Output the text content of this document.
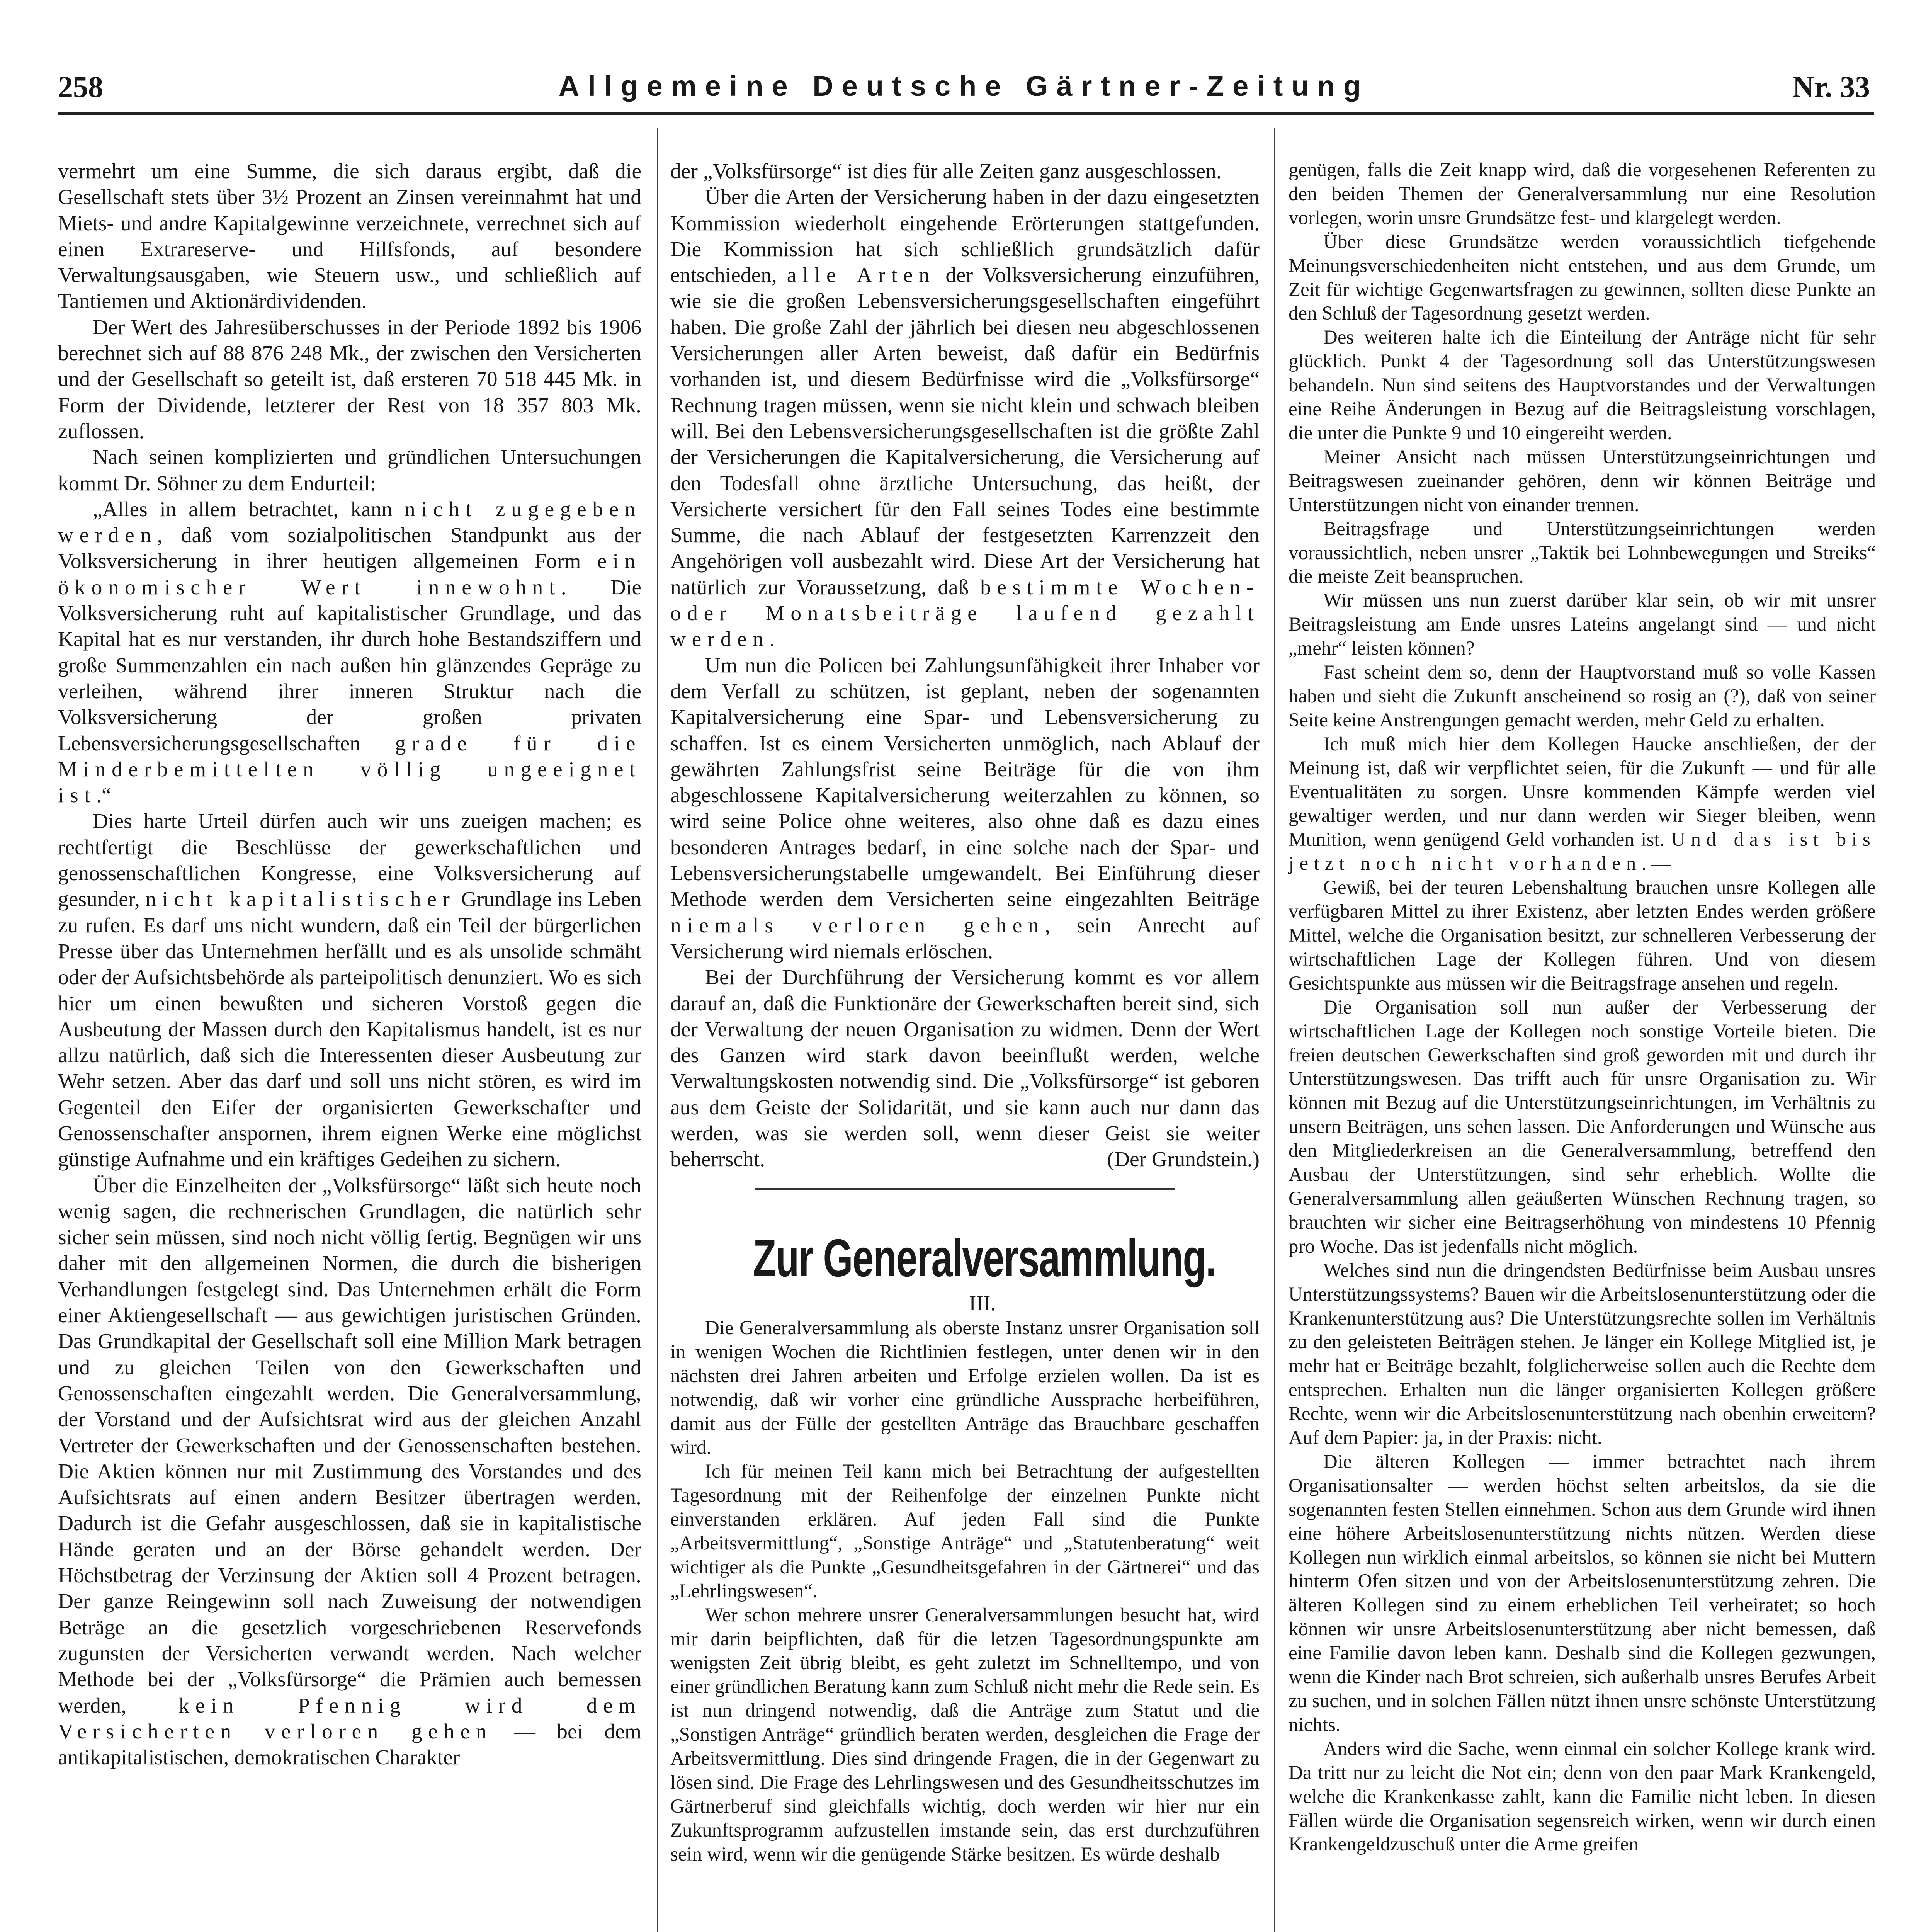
258	Allgemeine Deutsche Gärtner-Zeitung	Nr. 33

vermehrt um eine Summe, die sich daraus ergibt, daß die Gesellschaft stets über 3½ Prozent an Zinsen vereinnahmt hat und Miets- und andre Kapitalgewinne verzeichnete, verrechnet sich auf einen Extrareserve- und Hilfsfonds, auf besondere Verwaltungsausgaben, wie Steuern usw., und schließlich auf Tantiemen und Aktionärdividenden.

Der Wert des Jahresüberschusses in der Periode 1892 bis 1906 berechnet sich auf 88 876 248 Mk., der zwischen den Versicherten und der Gesellschaft so geteilt ist, daß ersteren 70 518 445 Mk. in Form der Dividende, letzterer der Rest von 18 357 803 Mk. zuflossen.

Nach seinen komplizierten und gründlichen Untersuchungen kommt Dr. Söhner zu dem Endurteil:

„Alles in allem betrachtet, kann nicht zugegeben werden, daß vom sozialpolitischen Standpunkt aus der Volksversicherung in ihrer heutigen allgemeinen Form ein ökonomischer Wert innewohnt. Die Volksversicherung ruht auf kapitalistischer Grundlage, und das Kapital hat es nur verstanden, ihr durch hohe Bestandsziffern und große Summenzahlen ein nach außen hin glänzendes Gepräge zu verleihen, während ihrer inneren Struktur nach die Volksversicherung der großen privaten Lebensversicherungsgesellschaften grade für die Minderbemittelten völlig ungeeignet ist.“

Dies harte Urteil dürfen auch wir uns zueigen machen; es rechtfertigt die Beschlüsse der gewerkschaftlichen und genossenschaftlichen Kongresse, eine Volksversicherung auf gesunder, nicht kapitalistischer Grundlage ins Leben zu rufen. Es darf uns nicht wundern, daß ein Teil der bürgerlichen Presse über das Unternehmen herfällt und es als unsolide schmäht oder der Aufsichtsbehörde als parteipolitisch denunziert. Wo es sich hier um einen bewußten und sicheren Vorstoß gegen die Ausbeutung der Massen durch den Kapitalismus handelt, ist es nur allzu natürlich, daß sich die Interessenten dieser Ausbeutung zur Wehr setzen. Aber das darf und soll uns nicht stören, es wird im Gegenteil den Eifer der organisierten Gewerkschafter und Genossenschafter anspornen, ihrem eignen Werke eine möglichst günstige Aufnahme und ein kräftiges Gedeihen zu sichern.

Über die Einzelheiten der „Volksfürsorge“ läßt sich heute noch wenig sagen, die rechnerischen Grundlagen, die natürlich sehr sicher sein müssen, sind noch nicht völlig fertig. Begnügen wir uns daher mit den allgemeinen Normen, die durch die bisherigen Verhandlungen festgelegt sind. Das Unternehmen erhält die Form einer Aktiengesellschaft — aus gewichtigen juristischen Gründen. Das Grundkapital der Gesellschaft soll eine Million Mark betragen und zu gleichen Teilen von den Gewerkschaften und Genossenschaften eingezahlt werden. Die Generalversammlung, der Vorstand und der Aufsichtsrat wird aus der gleichen Anzahl Vertreter der Gewerkschaften und der Genossenschaften bestehen. Die Aktien können nur mit Zustimmung des Vorstandes und des Aufsichtsrats auf einen andern Besitzer übertragen werden. Dadurch ist die Gefahr ausgeschlossen, daß sie in kapitalistische Hände geraten und an der Börse gehandelt werden. Der Höchstbetrag der Verzinsung der Aktien soll 4 Prozent betragen. Der ganze Reingewinn soll nach Zuweisung der notwendigen Beträge an die gesetzlich vorgeschriebenen Reservefonds zugunsten der Versicherten verwandt werden. Nach welcher Methode bei der „Volksfürsorge“ die Prämien auch bemessen werden, kein Pfennig wird dem Versicherten verloren gehen — bei dem antikapitalistischen, demokratischen Charakter

der „Volksfürsorge“ ist dies für alle Zeiten ganz ausgeschlossen.

Über die Arten der Versicherung haben in der dazu eingesetzten Kommission wiederholt eingehende Erörterungen stattgefunden. Die Kommission hat sich schließlich grundsätzlich dafür entschieden, alle Arten der Volksversicherung einzuführen, wie sie die großen Lebensversicherungsgesellschaften eingeführt haben. Die große Zahl der jährlich bei diesen neu abgeschlossenen Versicherungen aller Arten beweist, daß dafür ein Bedürfnis vorhanden ist, und diesem Bedürfnisse wird die „Volksfürsorge“ Rechnung tragen müssen, wenn sie nicht klein und schwach bleiben will. Bei den Lebensversicherungsgesellschaften ist die größte Zahl der Versicherungen die Kapitalversicherung, die Versicherung auf den Todesfall ohne ärztliche Untersuchung, das heißt, der Versicherte versichert für den Fall seines Todes eine bestimmte Summe, die nach Ablauf der festgesetzten Karrenzzeit den Angehörigen voll ausbezahlt wird. Diese Art der Versicherung hat natürlich zur Voraussetzung, daß bestimmte Wochen- oder Monatsbeiträge laufend gezahlt werden.

Um nun die Policen bei Zahlungsunfähigkeit ihrer Inhaber vor dem Verfall zu schützen, ist geplant, neben der sogenannten Kapitalversicherung eine Spar- und Lebensversicherung zu schaffen. Ist es einem Versicherten unmöglich, nach Ablauf der gewährten Zahlungsfrist seine Beiträge für die von ihm abgeschlossene Kapitalversicherung weiterzahlen zu können, so wird seine Police ohne weiteres, also ohne daß es dazu eines besonderen Antrages bedarf, in eine solche nach der Spar- und Lebensversicherungstabelle umgewandelt. Bei Einführung dieser Methode werden dem Versicherten seine eingezahlten Beiträge niemals verloren gehen, sein Anrecht auf Versicherung wird niemals erlöschen.

Bei der Durchführung der Versicherung kommt es vor allem darauf an, daß die Funktionäre der Gewerkschaften bereit sind, sich der Verwaltung der neuen Organisation zu widmen. Denn der Wert des Ganzen wird stark davon beeinflußt werden, welche Verwaltungskosten notwendig sind. Die „Volksfürsorge“ ist geboren aus dem Geiste der Solidarität, und sie kann auch nur dann das werden, was sie werden soll, wenn dieser Geist sie weiter beherrscht.	(Der Grundstein.)

Zur Generalversammlung.

III.

Die Generalversammlung als oberste Instanz unsrer Organisation soll in wenigen Wochen die Richtlinien festlegen, unter denen wir in den nächsten drei Jahren arbeiten und Erfolge erzielen wollen. Da ist es notwendig, daß wir vorher eine gründliche Aussprache herbeiführen, damit aus der Fülle der gestellten Anträge das Brauchbare geschaffen wird.

Ich für meinen Teil kann mich bei Betrachtung der aufgestellten Tagesordnung mit der Reihenfolge der einzelnen Punkte nicht einverstanden erklären. Auf jeden Fall sind die Punkte „Arbeitsvermittlung“, „Sonstige Anträge“ und „Statutenberatung“ weit wichtiger als die Punkte „Gesundheitsgefahren in der Gärtnerei“ und das „Lehrlingswesen“.

Wer schon mehrere unsrer Generalversammlungen besucht hat, wird mir darin beipflichten, daß für die letzen Tagesordnungspunkte am wenigsten Zeit übrig bleibt, es geht zuletzt im Schnelltempo, und von einer gründlichen Beratung kann zum Schluß nicht mehr die Rede sein. Es ist nun dringend notwendig, daß die Anträge zum Statut und die „Sonstigen Anträge“ gründlich beraten werden, desgleichen die Frage der Arbeitsvermittlung. Dies sind dringende Fragen, die in der Gegenwart zu lösen sind. Die Frage des Lehrlingswesen und des Gesundheitsschutzes im Gärtnerberuf sind gleichfalls wichtig, doch werden wir hier nur ein Zukunftsprogramm aufzustellen imstande sein, das erst durchzuführen sein wird, wenn wir die genügende Stärke besitzen. Es würde deshalb

genügen, falls die Zeit knapp wird, daß die vorgesehenen Referenten zu den beiden Themen der Generalversammlung nur eine Resolution vorlegen, worin unsre Grundsätze fest- und klargelegt werden.

Über diese Grundsätze werden voraussichtlich tiefgehende Meinungsverschiedenheiten nicht entstehen, und aus dem Grunde, um Zeit für wichtige Gegenwartsfragen zu gewinnen, sollten diese Punkte an den Schluß der Tagesordnung gesetzt werden.

Des weiteren halte ich die Einteilung der Anträge nicht für sehr glücklich. Punkt 4 der Tagesordnung soll das Unterstützungswesen behandeln. Nun sind seitens des Hauptvorstandes und der Verwaltungen eine Reihe Änderungen in Bezug auf die Beitragsleistung vorschlagen, die unter die Punkte 9 und 10 eingereiht werden.

Meiner Ansicht nach müssen Unterstützungseinrichtungen und Beitragswesen zueinander gehören, denn wir können Beiträge und Unterstützungen nicht von einander trennen.

Beitragsfrage und Unterstützungseinrichtungen werden voraussichtlich, neben unsrer „Taktik bei Lohnbewegungen und Streiks“ die meiste Zeit beanspruchen.

Wir müssen uns nun zuerst darüber klar sein, ob wir mit unsrer Beitragsleistung am Ende unsres Lateins angelangt sind — und nicht „mehr“ leisten können?

Fast scheint dem so, denn der Hauptvorstand muß so volle Kassen haben und sieht die Zukunft anscheinend so rosig an (?), daß von seiner Seite keine Anstrengungen gemacht werden, mehr Geld zu erhalten.

Ich muß mich hier dem Kollegen Haucke anschließen, der der Meinung ist, daß wir verpflichtet seien, für die Zukunft — und für alle Eventualitäten zu sorgen. Unsre kommenden Kämpfe werden viel gewaltiger werden, und nur dann werden wir Sieger bleiben, wenn Munition, wenn genügend Geld vorhanden ist. Und das ist bis jetzt noch nicht vorhanden. —

Gewiß, bei der teuren Lebenshaltung brauchen unsre Kollegen alle verfügbaren Mittel zu ihrer Existenz, aber letzten Endes werden größere Mittel, welche die Organisation besitzt, zur schnelleren Verbesserung der wirtschaftlichen Lage der Kollegen führen. Und von diesem Gesichtspunkte aus müssen wir die Beitragsfrage ansehen und regeln.

Die Organisation soll nun außer der Verbesserung der wirtschaftlichen Lage der Kollegen noch sonstige Vorteile bieten. Die freien deutschen Gewerkschaften sind groß geworden mit und durch ihr Unterstützungswesen. Das trifft auch für unsre Organisation zu. Wir können mit Bezug auf die Unterstützungseinrichtungen, im Verhältnis zu unsern Beiträgen, uns sehen lassen. Die Anforderungen und Wünsche aus den Mitgliederkreisen an die Generalversammlung, betreffend den Ausbau der Unterstützungen, sind sehr erheblich. Wollte die Generalversammlung allen geäußerten Wünschen Rechnung tragen, so brauchten wir sicher eine Beitragserhöhung von mindestens 10 Pfennig pro Woche. Das ist jedenfalls nicht möglich.

Welches sind nun die dringendsten Bedürfnisse beim Ausbau unsres Unterstützungssystems? Bauen wir die Arbeitslosenunterstützung oder die Krankenunterstützung aus? Die Unterstützungsrechte sollen im Verhältnis zu den geleisteten Beiträgen stehen. Je länger ein Kollege Mitglied ist, je mehr hat er Beiträge bezahlt, folglicherweise sollen auch die Rechte dem entsprechen. Erhalten nun die länger organisierten Kollegen größere Rechte, wenn wir die Arbeitslosenunterstützung nach obenhin erweitern? Auf dem Papier: ja, in der Praxis: nicht.

Die älteren Kollegen — immer betrachtet nach ihrem Organisationsalter — werden höchst selten arbeitslos, da sie die sogenannten festen Stellen einnehmen. Schon aus dem Grunde wird ihnen eine höhere Arbeitslosenunterstützung nichts nützen. Werden diese Kollegen nun wirklich einmal arbeitslos, so können sie nicht bei Muttern hinterm Ofen sitzen und von der Arbeitslosenunterstützung zehren. Die älteren Kollegen sind zu einem erheblichen Teil verheiratet; so hoch können wir unsre Arbeitslosenunterstützung aber nicht bemessen, daß eine Familie davon leben kann. Deshalb sind die Kollegen gezwungen, wenn die Kinder nach Brot schreien, sich außerhalb unsres Berufes Arbeit zu suchen, und in solchen Fällen nützt ihnen unsre schönste Unterstützung nichts.

Anders wird die Sache, wenn einmal ein solcher Kollege krank wird. Da tritt nur zu leicht die Not ein; denn von den paar Mark Krankengeld, welche die Krankenkasse zahlt, kann die Familie nicht leben. In diesen Fällen würde die Organisation segensreich wirken, wenn wir durch einen Krankengeldzuschuß unter die Arme greifen
